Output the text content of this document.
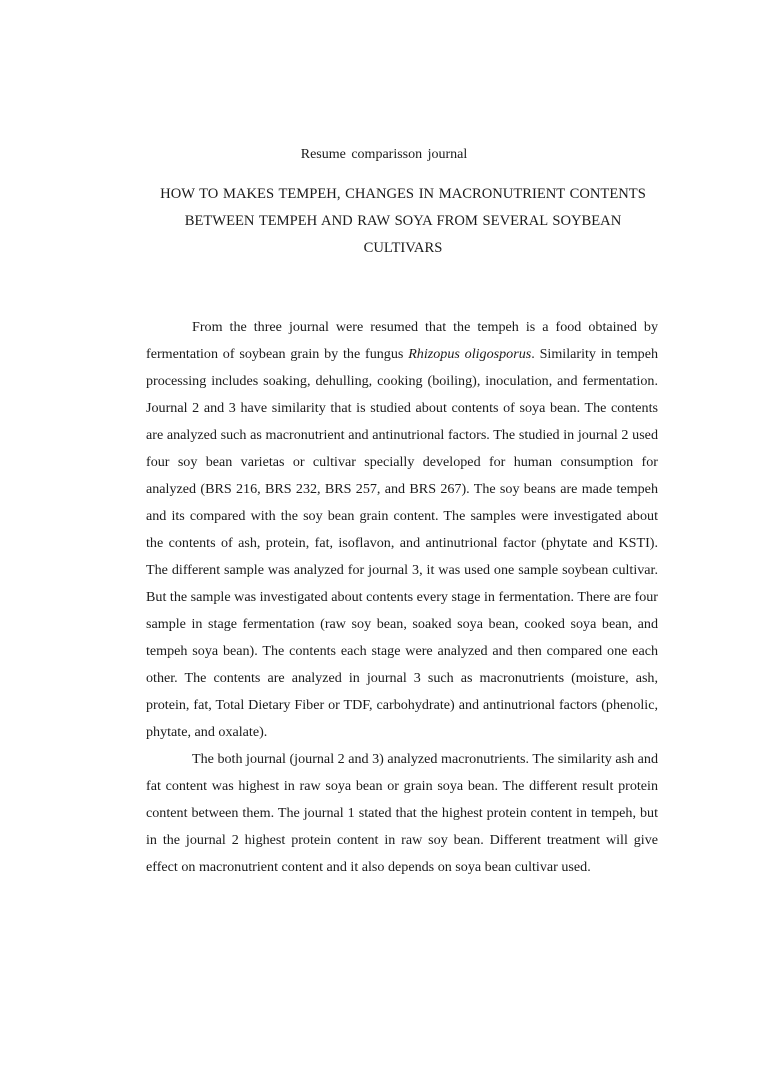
Resume comparisson journal
HOW TO MAKES TEMPEH, CHANGES IN MACRONUTRIENT CONTENTS
BETWEEN TEMPEH AND RAW SOYA FROM SEVERAL SOYBEAN
CULTIVARS

From the three journal were resumed that the tempeh is a food obtained by fermentation of soybean grain by the fungus Rhizopus oligosporus. Similarity in tempeh processing includes soaking, dehulling, cooking (boiling), inoculation, and fermentation. Journal 2 and 3 have similarity that is studied about contents of soya bean. The contents are analyzed such as macronutrient and antinutrional factors. The studied in journal 2 used four soy bean varietas or cultivar specially developed for human consumption for analyzed (BRS 216, BRS 232, BRS 257, and BRS 267). The soy beans are made tempeh and its compared with the soy bean grain content. The samples were investigated about the contents of ash, protein, fat, isoflavon, and antinutrional factor (phytate and KSTI). The different sample was analyzed for journal 3, it was used one sample soybean cultivar. But the sample was investigated about contents every stage in fermentation. There are four sample in stage fermentation (raw soy bean, soaked soya bean, cooked soya bean, and tempeh soya bean). The contents each stage were analyzed and then compared one each other. The contents are analyzed in journal 3 such as macronutrients (moisture, ash, protein, fat, Total Dietary Fiber or TDF, carbohydrate) and antinutrional factors (phenolic, phytate, and oxalate).

The both journal (journal 2 and 3) analyzed macronutrients. The similarity ash and fat content was highest in raw soya bean or grain soya bean. The different result protein content between them. The journal 1 stated that the highest protein content in tempeh, but in the journal 2 highest protein content in raw soy bean. Different treatment will give effect on macronutrient content and it also depends on soya bean cultivar used.
